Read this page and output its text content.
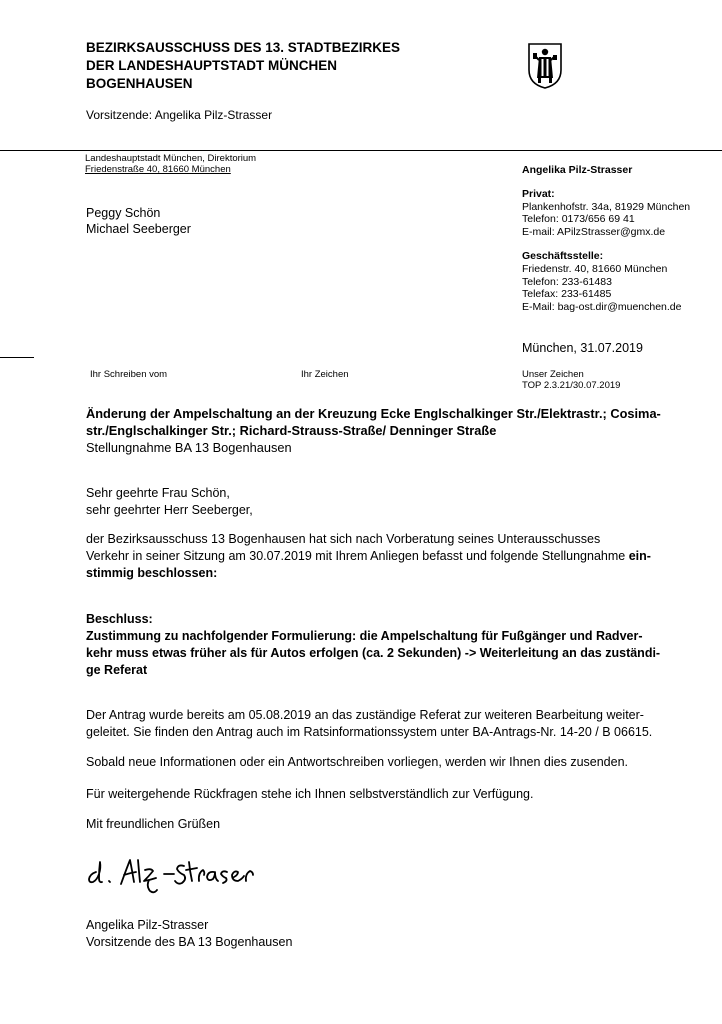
BEZIRKSAUSSCHUSS DES 13. STADTBEZIRKES
DER LANDESHAUPTSTADT MÜNCHEN
BOGENHAUSEN
Vorsitzende: Angelika Pilz-Strasser
Landeshauptstadt München, Direktorium
Friedenstraße 40, 81660 München
Peggy Schön
Michael Seeberger
Angelika Pilz-Strasser
Privat:
Plankenhofstr. 34a, 81929 München
Telefon: 0173/656 69 41
E-mail: APilzStrasser@gmx.de
Geschäftsstelle:
Friedenstr. 40, 81660 München
Telefon: 233-61483
Telefax: 233-61485
E-Mail: bag-ost.dir@muenchen.de
München, 31.07.2019
Ihr Schreiben vom	Ihr Zeichen	Unser Zeichen
TOP 2.3.21/30.07.2019
Änderung der Ampelschaltung an der Kreuzung Ecke Englschalkinger Str./Elektrastr.; Cosima-
str./Englschalkinger Str.; Richard-Strauss-Straße/ Denninger Straße
Stellungnahme BA 13 Bogenhausen
Sehr geehrte Frau Schön,
sehr geehrter Herr Seeberger,
der Bezirksausschuss 13 Bogenhausen hat sich nach Vorberatung seines Unterausschusses
Verkehr in seiner Sitzung am 30.07.2019 mit Ihrem Anliegen befasst und folgende Stellungnahme ein-
stimmig beschlossen:
Beschluss:
Zustimmung zu nachfolgender Formulierung: die Ampelschaltung für Fußgänger und Radver-
kehr muss etwas früher als für Autos erfolgen (ca. 2 Sekunden) -> Weiterleitung an das zuständi-
ge Referat
Der Antrag wurde bereits am 05.08.2019 an das zuständige Referat zur weiteren Bearbeitung weiter-
geleitet. Sie finden den Antrag auch im Ratsinformationssystem unter BA-Antrags-Nr. 14-20 / B 06615.
Sobald neue Informationen oder ein Antwortschreiben vorliegen, werden wir Ihnen dies zusenden.
Für weitergehende Rückfragen stehe ich Ihnen selbstverständlich zur Verfügung.
Mit freundlichen Grüßen
Angelika Pilz-Strasser
Vorsitzende des BA 13 Bogenhausen
